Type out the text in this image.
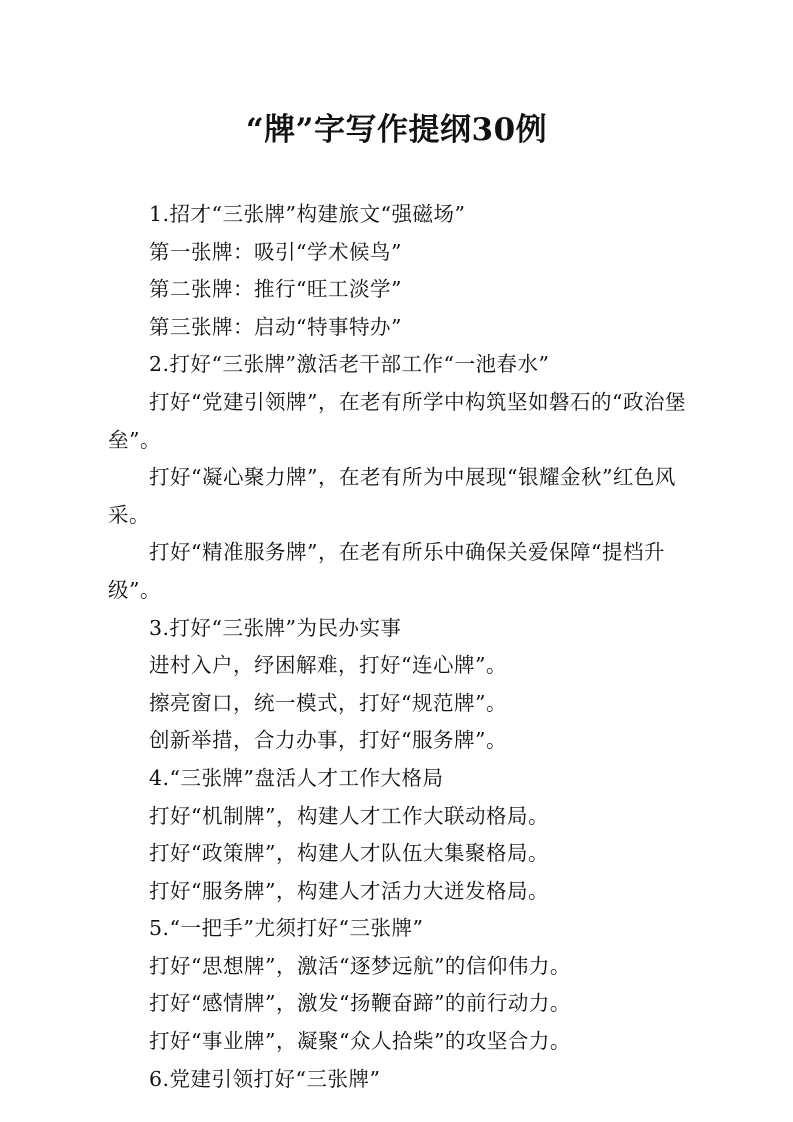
“牌”字写作提纲30例

1.招才“三张牌”构建旅文“强磁场”

第一张牌：吸引“学术候鸟”

第二张牌：推行“旺工淡学”

第三张牌：启动“特事特办”

2.打好“三张牌”激活老干部工作“一池春水”

打好“党建引领牌”，在老有所学中构筑坚如磐石的“政治堡垒”。

打好“凝心聚力牌”，在老有所为中展现“银耀金秋”红色风采。

打好“精准服务牌”，在老有所乐中确保关爱保障“提档升级”。

3.打好“三张牌”为民办实事

进村入户，纾困解难，打好“连心牌”。

擦亮窗口，统一模式，打好“规范牌”。

创新举措，合力办事，打好“服务牌”。

4.“三张牌”盘活人才工作大格局

打好“机制牌”，构建人才工作大联动格局。

打好“政策牌”，构建人才队伍大集聚格局。

打好“服务牌”，构建人才活力大迸发格局。

5.“一把手”尤须打好“三张牌”

打好“思想牌”，激活“逐梦远航”的信仰伟力。

打好“感情牌”，激发“扬鞭奋蹄”的前行动力。

打好“事业牌”，凝聚“众人拾柴”的攻坚合力。

6.党建引领打好“三张牌”
